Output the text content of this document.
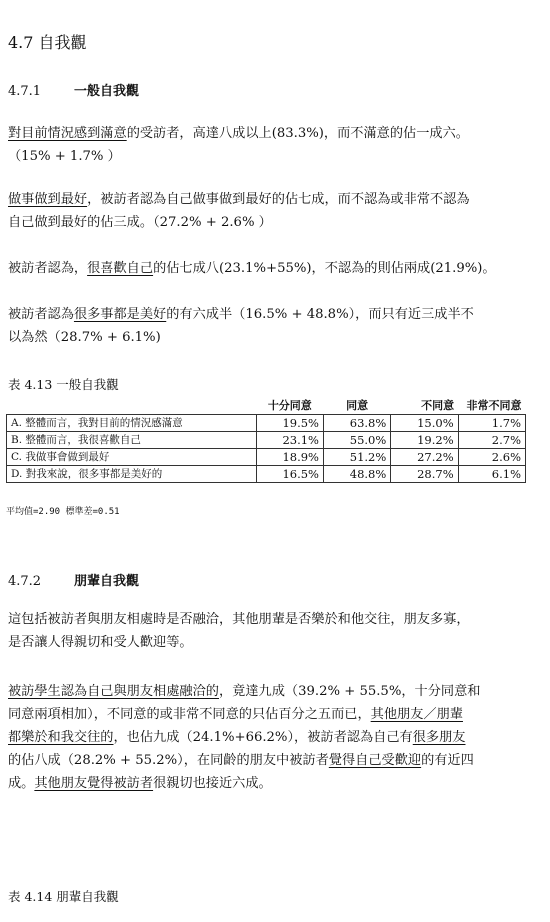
4.7 自我觀
4.7.1	一般自我觀
對目前情況感到滿意的受訪者，高達八成以上(83.3%)，而不滿意的佔一成六。
（15% + 1.7% ）
做事做到最好，被訪者認為自己做事做到最好的佔七成，而不認為或非常不認為
自己做到最好的佔三成。（27.2% + 2.6% ）
被訪者認為，很喜歡自己的佔七成八(23.1%+55%)，不認為的則佔兩成(21.9%)。
被訪者認為很多事都是美好的有六成半（16.5% + 48.8%），而只有近三成半不
以為然（28.7% + 6.1%)
表 4.13 一般自我觀
	十分同意	同意	不同意	非常不同意
A. 整體而言，我對目前的情況感滿意	19.5%	63.8%	15.0%	1.7%
B. 整體而言，我很喜歡自己	23.1%	55.0%	19.2%	2.7%
C. 我做事會做到最好	18.9%	51.2%	27.2%	2.6%
D. 對我來說，很多事都是美好的	16.5%	48.8%	28.7%	6.1%
平均值=2.90 標準差=0.51
4.7.2	朋輩自我觀
這包括被訪者與朋友相處時是否融洽，其他朋輩是否樂於和他交往，朋友多寡，
是否讓人得親切和受人歡迎等。
被訪學生認為自己與朋友相處融洽的，竟達九成（39.2% + 55.5%，十分同意和
同意兩項相加），不同意的或非常不同意的只佔百分之五而已，其他朋友／朋輩
都樂於和我交往的，也佔九成（24.1%+66.2%），被訪者認為自己有很多朋友
的佔八成（28.2% + 55.2%），在同齡的朋友中被訪者覺得自己受歡迎的有近四
成。其他朋友覺得被訪者很親切也接近六成。
表 4.14 朋輩自我觀
